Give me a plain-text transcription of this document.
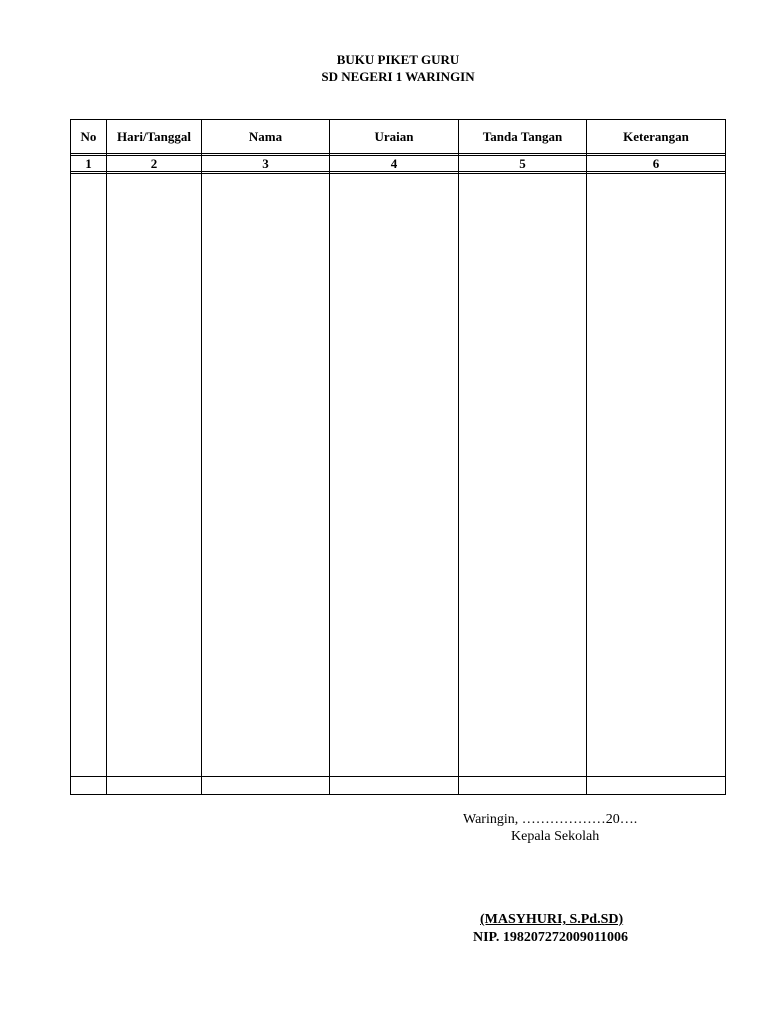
BUKU PIKET GURU
SD NEGERI 1 WARINGIN
No	Hari/Tanggal	Nama	Uraian	Tanda Tangan	Keterangan
1	2	3	4	5	6
Waringin, ………………20….
Kepala Sekolah
(MASYHURI, S.Pd.SD)
NIP. 198207272009011006
